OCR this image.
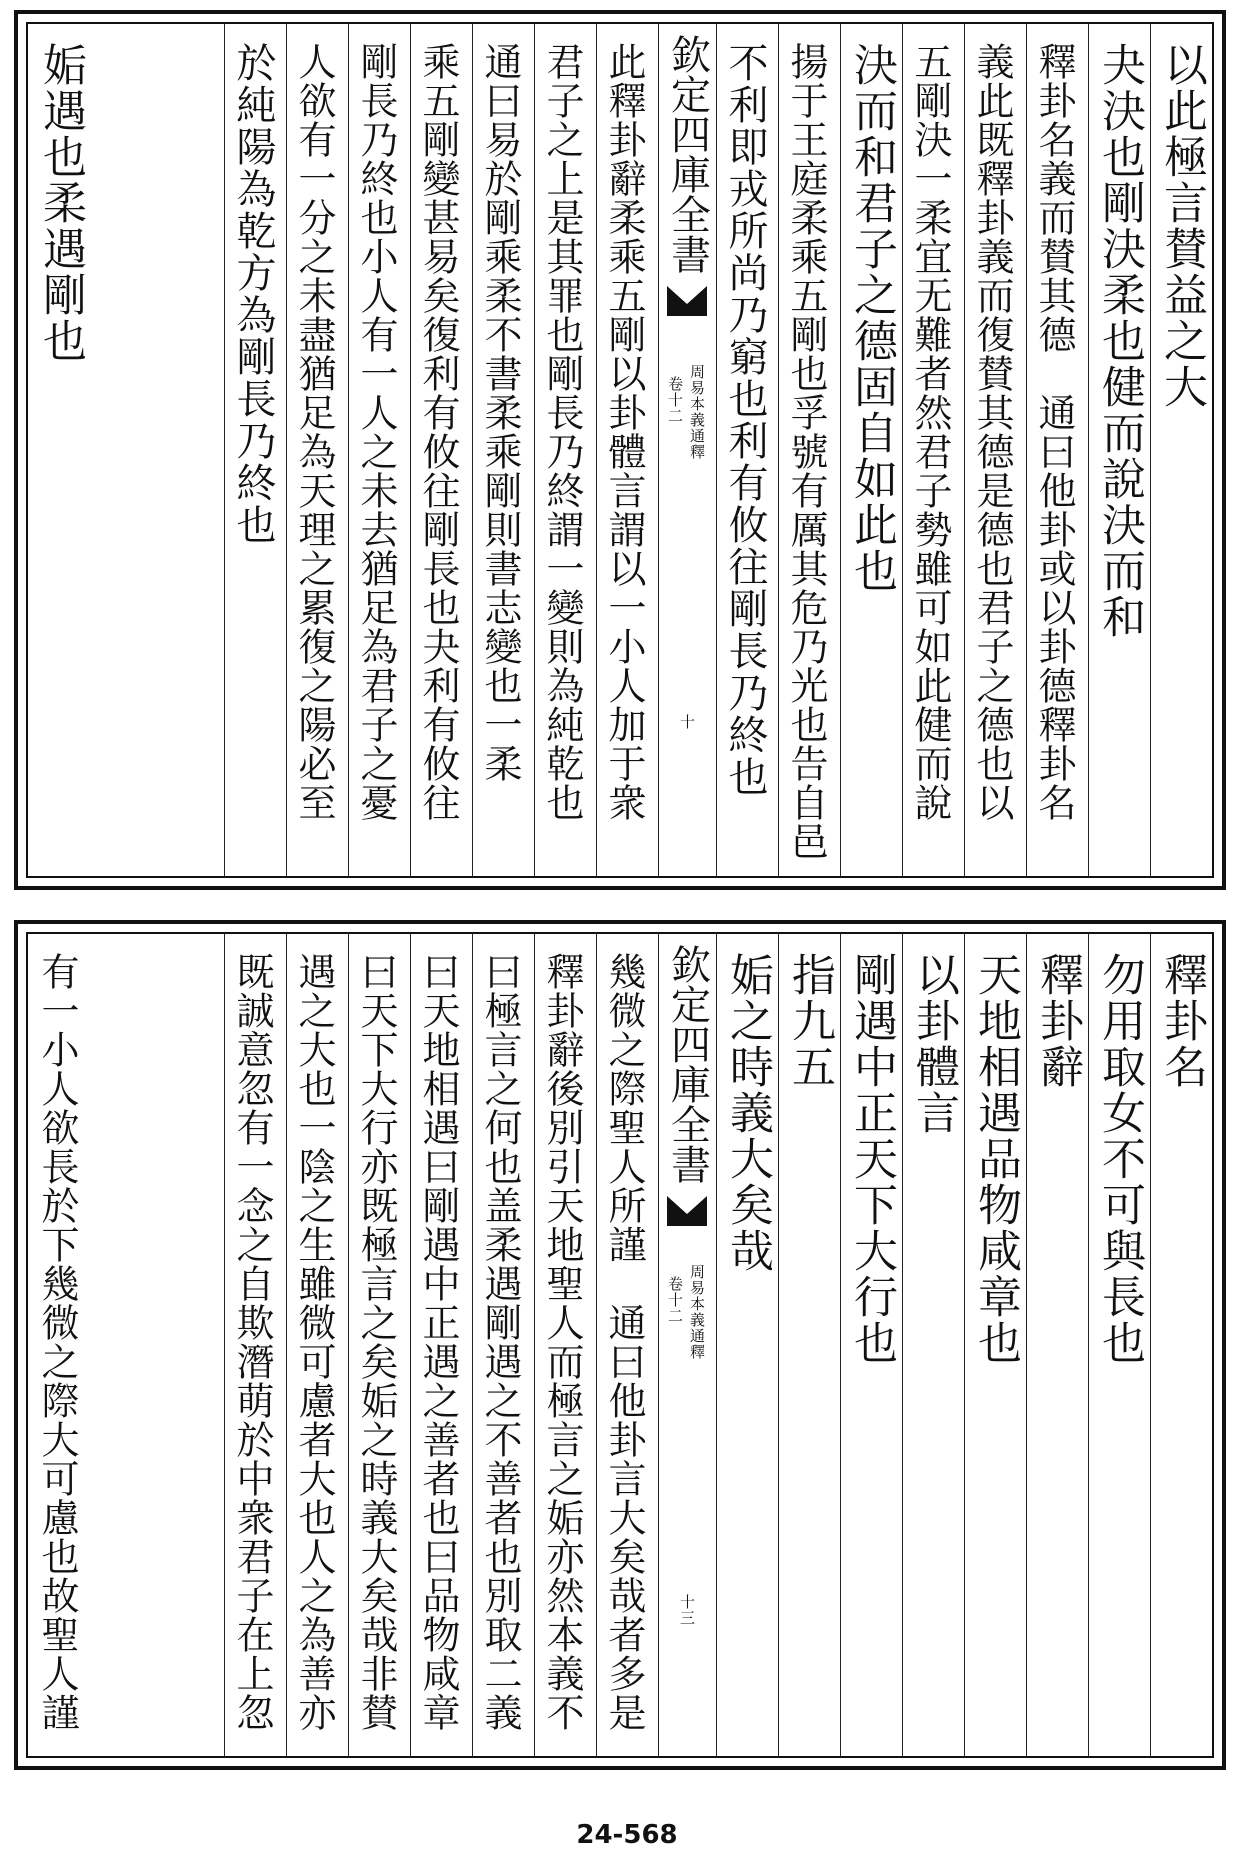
以此極言賛益之大
夬決也剛決柔也健而說決而和
釋卦名義而賛其德　通曰他卦或以卦德釋卦名
義此既釋卦義而復賛其德是德也君子之德也以
五剛決一柔宜无難者然君子勢雖可如此健而說
決而和君子之德固自如此也
揚于王庭柔乘五剛也孚號有厲其危乃光也告自邑
不利即戎所尚乃窮也利有攸往剛長乃終也
欽定四庫全書
周易本義通釋
卷十二
十
此釋卦辭柔乘五剛以卦體言謂以一小人加于衆
君子之上是其罪也剛長乃終謂一變則為純乾也
通曰易於剛乘柔不書柔乘剛則書志變也一柔
乘五剛變甚易矣復利有攸往剛長也夬利有攸往
剛長乃終也小人有一人之未去猶足為君子之憂
人欲有一分之未盡猶足為天理之累復之陽必至
於純陽為乾方為剛長乃終也
姤遇也柔遇剛也
釋卦名
勿用取女不可與長也
釋卦辭
天地相遇品物咸章也
以卦體言
剛遇中正天下大行也
指九五
姤之時義大矣哉
欽定四庫全書
周易本義通釋
卷十二
十三
幾微之際聖人所謹　通曰他卦言大矣哉者多是
釋卦辭後別引天地聖人而極言之姤亦然本義不
曰極言之何也盖柔遇剛遇之不善者也別取二義
曰天地相遇曰剛遇中正遇之善者也曰品物咸章
曰天下大行亦既極言之矣姤之時義大矣哉非賛
遇之大也一陰之生雖微可慮者大也人之為善亦
既誠意忽有一念之自欺潛萌於中衆君子在上忽
有一小人欲長於下幾微之際大可慮也故聖人謹
24-568
